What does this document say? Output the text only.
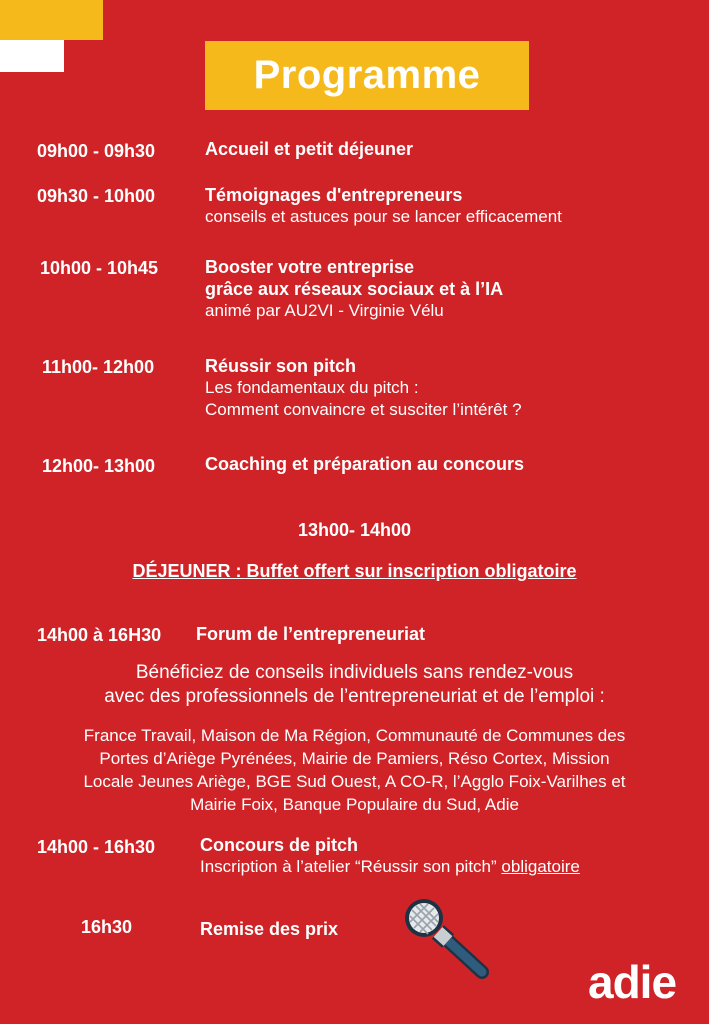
Programme
09h00 - 09h30	Accueil et petit déjeuner
09h30 - 10h00	Témoignages d'entrepreneurs
conseils et astuces pour se lancer efficacement
10h00 - 10h45	Booster votre entreprise
grâce aux réseaux sociaux et à l’IA
animé par AU2VI - Virginie Vélu
11h00- 12h00	Réussir son pitch
Les fondamentaux du pitch :
Comment convaincre et susciter l’intérêt ?
12h00- 13h00	Coaching et préparation au concours
13h00- 14h00
DÉJEUNER : Buffet offert sur inscription obligatoire
14h00 à 16H30 Forum de l’entrepreneuriat
Bénéficiez de conseils individuels sans rendez-vous
avec des professionnels de l’entrepreneuriat et de l’emploi :
France Travail, Maison de Ma Région, Communauté de Communes des
Portes d’Ariège Pyrénées, Mairie de Pamiers, Réso Cortex, Mission
Locale Jeunes Ariège, BGE Sud Ouest, A CO-R, l’Agglo Foix-Varilhes et
Mairie Foix, Banque Populaire du Sud, Adie
14h00 - 16h30 Concours de pitch
Inscription à l’atelier “Réussir son pitch” obligatoire
16h30	Remise des prix
adie
